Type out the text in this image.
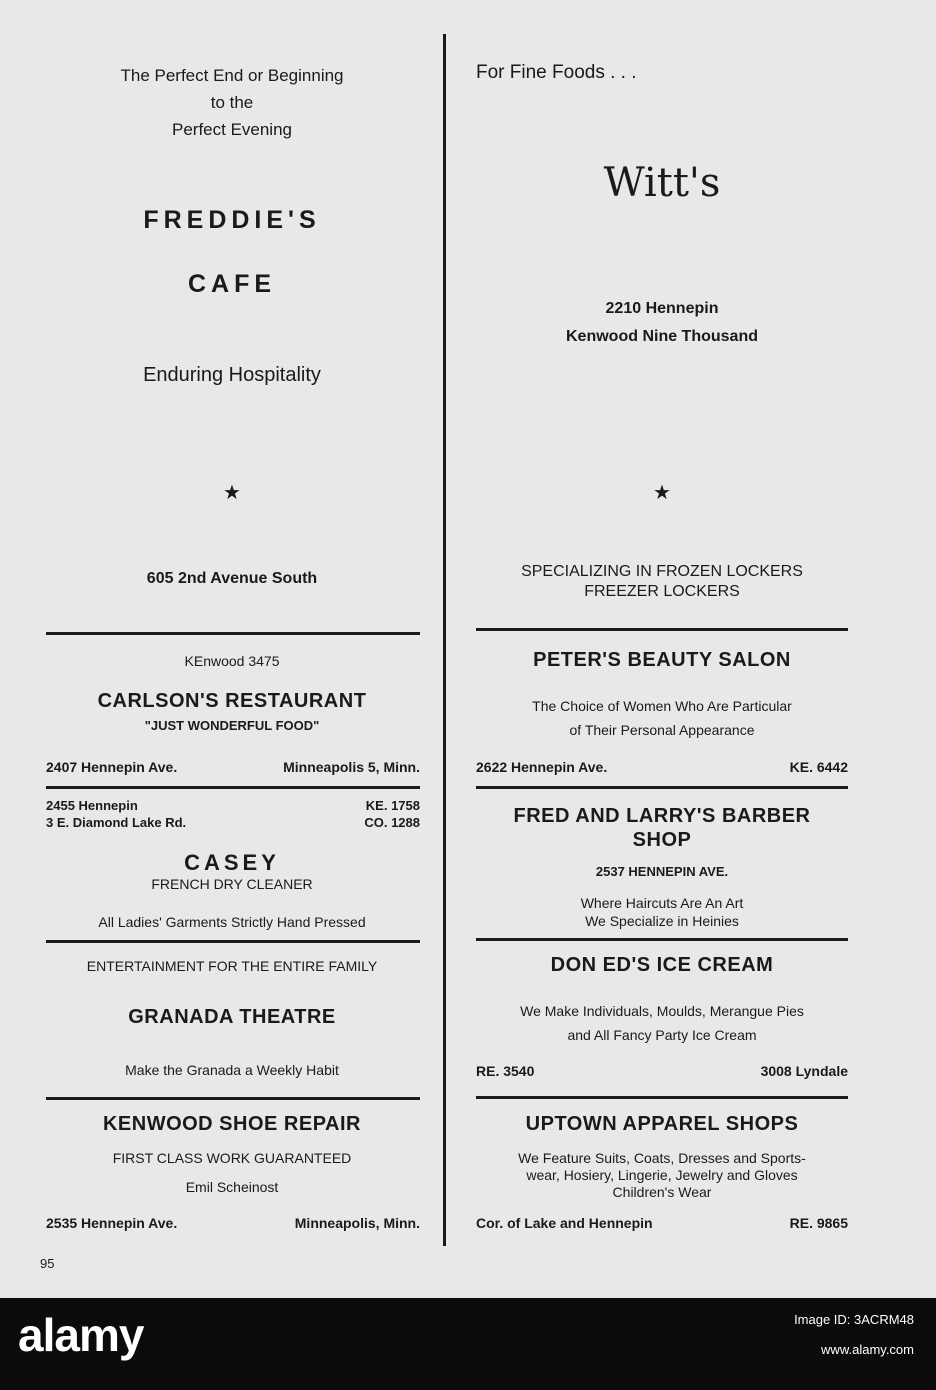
The Perfect End or Beginning
to the
Perfect Evening
FREDDIE'S
CAFE
Enduring Hospitality
★
605 2nd Avenue South
KEnwood 3475
CARLSON'S RESTAURANT
"JUST WONDERFUL FOOD"
2407 Hennepin Ave.	Minneapolis 5, Minn.
2455 Hennepin	KE. 1758
3 E. Diamond Lake Rd.	CO. 1288
CASEY
FRENCH DRY CLEANER
All Ladies' Garments Strictly Hand Pressed
ENTERTAINMENT FOR THE ENTIRE FAMILY
GRANADA THEATRE
Make the Granada a Weekly Habit
KENWOOD SHOE REPAIR
FIRST CLASS WORK GUARANTEED
Emil Scheinost
2535 Hennepin Ave.	Minneapolis, Minn.
95
For Fine Foods . . .
Witt's
2210 Hennepin
Kenwood Nine Thousand
★
SPECIALIZING IN FROZEN LOCKERS
FREEZER LOCKERS
PETER'S BEAUTY SALON
The Choice of Women Who Are Particular
of Their Personal Appearance
2622 Hennepin Ave.	KE. 6442
FRED AND LARRY'S BARBER
SHOP
2537 HENNEPIN AVE.
Where Haircuts Are An Art
We Specialize in Heinies
DON ED'S ICE CREAM
We Make Individuals, Moulds, Merangue Pies
and All Fancy Party Ice Cream
RE. 3540	3008 Lyndale
UPTOWN APPAREL SHOPS
We Feature Suits, Coats, Dresses and Sports-
wear, Hosiery, Lingerie, Jewelry and Gloves
Children's Wear
Cor. of Lake and Hennepin	RE. 9865
alamy	Image ID: 3ACRM48
www.alamy.com
